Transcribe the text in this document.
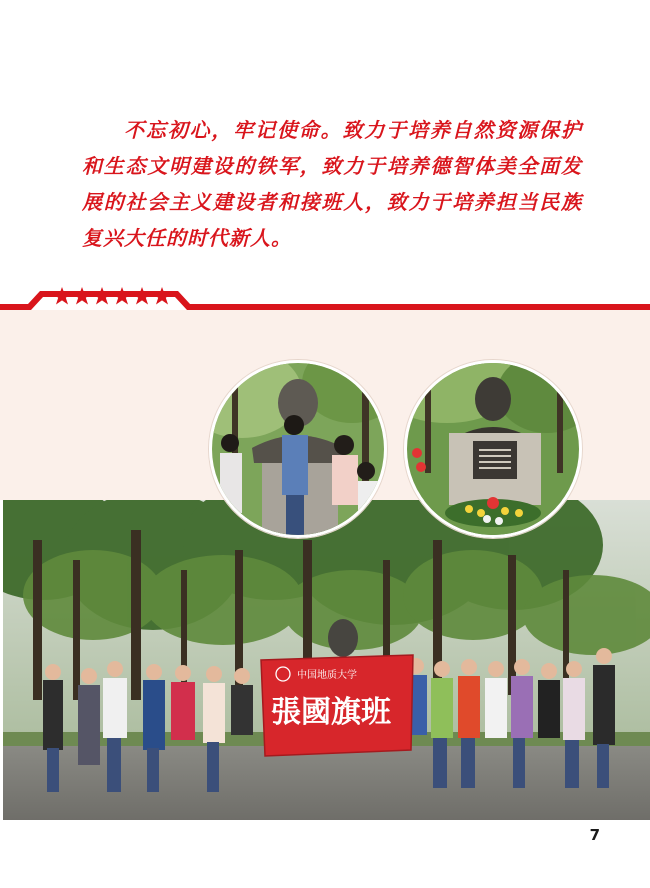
不忘初心，牢记使命。致力于培养自然资源保护和生态文明建设的铁军，致力于培养德智体美全面发展的社会主义建设者和接班人，致力于培养担当民族复兴大任的时代新人。

中国地质大学
張國旗班
7
